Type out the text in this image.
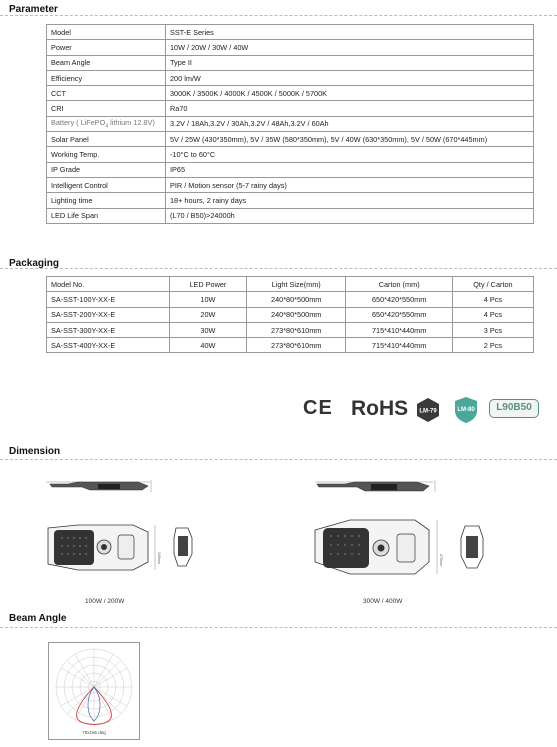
Parameter
Model	SST-E Series
Power	10W / 20W / 30W / 40W
Beam Angle	Type II
Efficiency	200 lm/W
CCT	3000K / 3500K / 4000K / 4500K / 5000K / 5700K
CRI	Ra70
Battery ( LiFePO$_4$ lithium 12.8V)	3.2V / 18Ah,3.2V / 30Ah,3.2V / 48Ah,3.2V / 60Ah
Solar Panel	5V / 25W (430*350mm), 5V / 35W (580*350mm), 5V / 40W (630*350mm), 5V / 50W (670*445mm)
Working Temp.	-10°C to 60°C
IP Grade	IP65
Intelligent Control	PIR / Motion sensor (5-7 rainy days)
Lighting time	18+ hours, 2 rainy days
LED Life Span	(L70 / B50)>24000h
Packaging
Model No.	LED Power	Light Size(mm)	Carton (mm)	Qty / Carton
SA-SST-100Y-XX-E	10W	240*80*500mm	650*420*550mm	4 Pcs
SA-SST-200Y-XX-E	20W	240*80*500mm	650*420*550mm	4 Pcs
SA-SST-300Y-XX-E	30W	273*80*610mm	715*410*440mm	3 Pcs
SA-SST-400Y-XX-E	40W	273*80*610mm	715*410*440mm	2 Pcs
CE RoHS LM-79	LM-80	L90B50
Dimension
240mm
100W / 200W
273mm
300W / 400W
Beam Angle
75x156 deg
